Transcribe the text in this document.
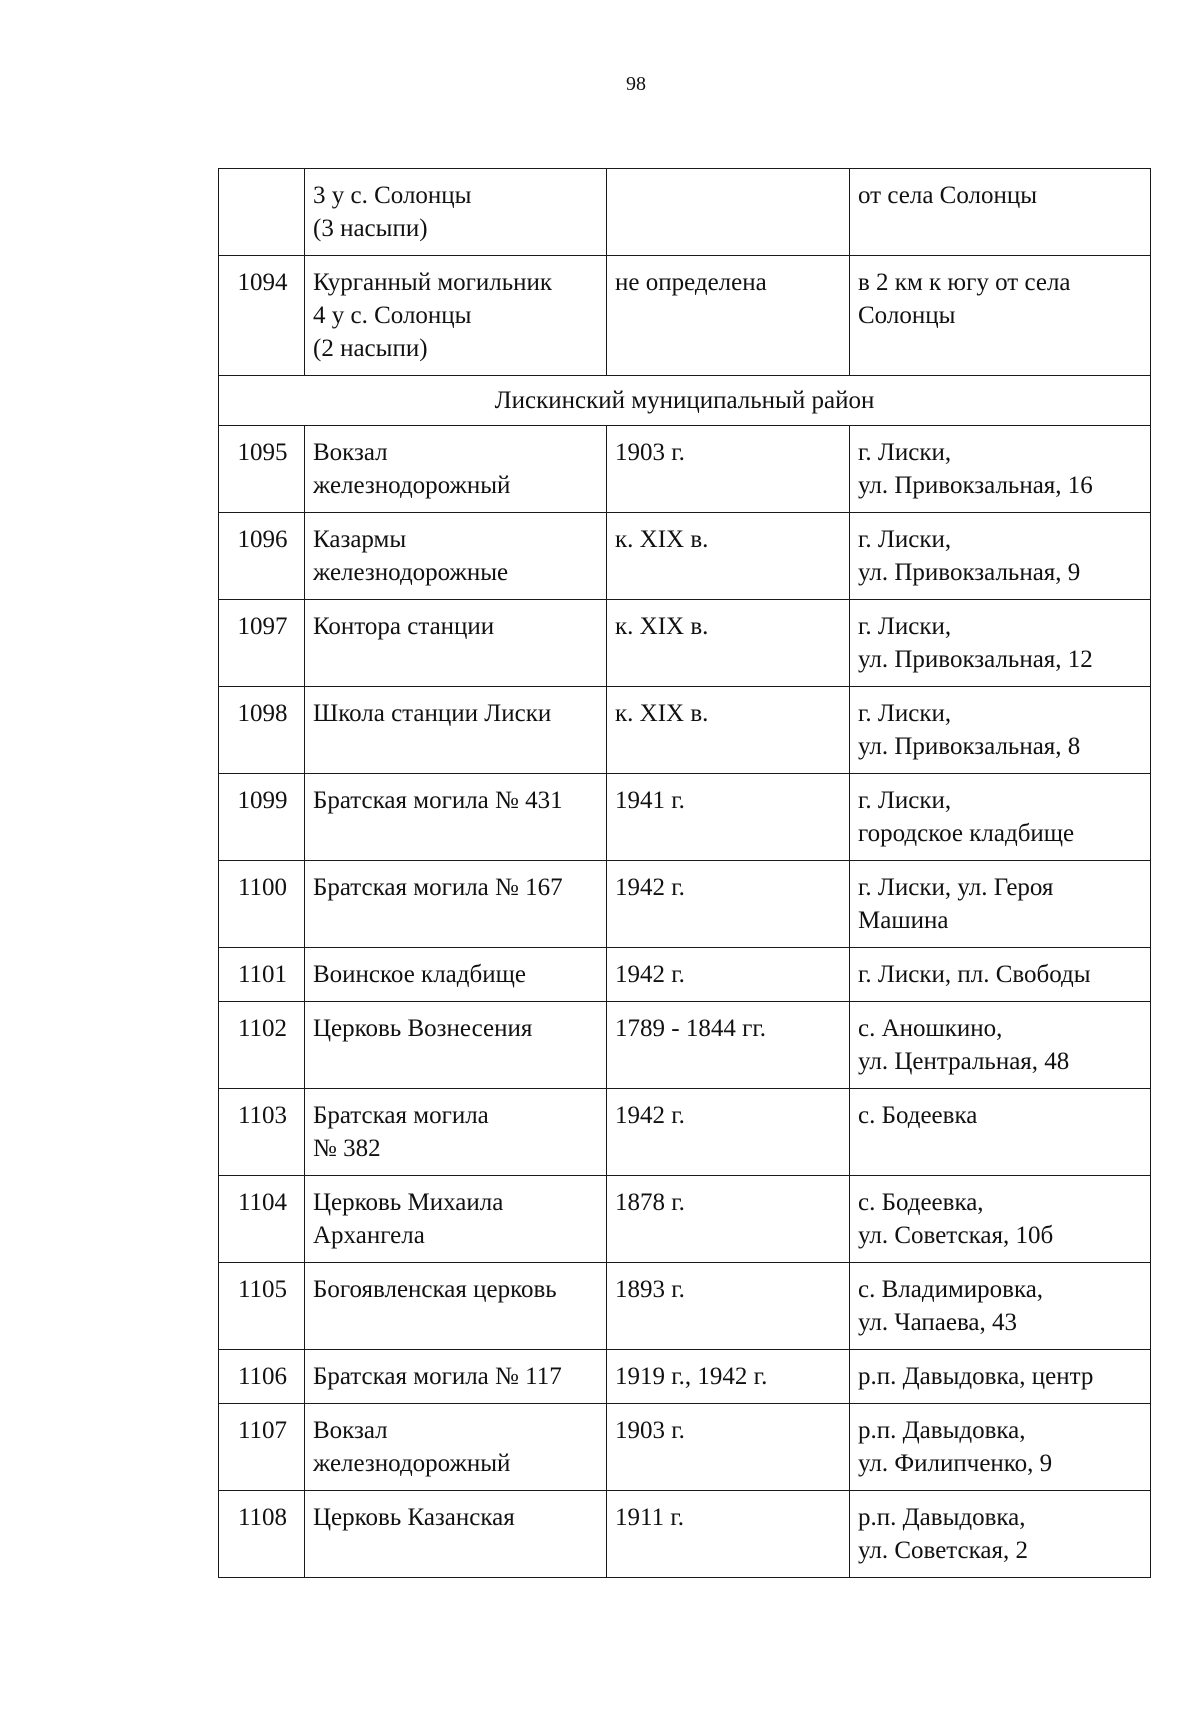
98
	3 у с. Солонцы
(3 насыпи)		от села Солонцы
1094	Курганный могильник
4 у с. Солонцы
(2 насыпи)	не определена	в 2 км к югу от села
Солонцы
Лискинский муниципальный район			
1095	Вокзал
железнодорожный	1903 г.	г. Лиски,
ул. Привокзальная, 16
1096	Казармы
железнодорожные	к. XIX в.	г. Лиски,
ул. Привокзальная, 9
1097	Контора станции	к. XIX в.	г. Лиски,
ул. Привокзальная, 12
1098	Школа станции Лиски	к. XIX в.	г. Лиски,
ул. Привокзальная, 8
1099	Братская могила № 431	1941 г.	г. Лиски,
городское кладбище
1100	Братская могила № 167	1942 г.	г. Лиски, ул. Героя
Машина
1101	Воинское кладбище	1942 г.	г. Лиски, пл. Свободы
1102	Церковь Вознесения	1789 - 1844 гг.	с. Аношкино,
ул. Центральная, 48
1103	Братская могила
№ 382	1942 г.	с. Бодеевка
1104	Церковь Михаила
Архангела	1878 г.	с. Бодеевка,
ул. Советская, 10б
1105	Богоявленская церковь	1893 г.	с. Владимировка,
ул. Чапаева, 43
1106	Братская могила № 117	1919 г., 1942 г.	р.п. Давыдовка, центр
1107	Вокзал
железнодорожный	1903 г.	р.п. Давыдовка,
ул. Филипченко, 9
1108	Церковь Казанская	1911 г.	р.п. Давыдовка,
ул. Советская, 2
